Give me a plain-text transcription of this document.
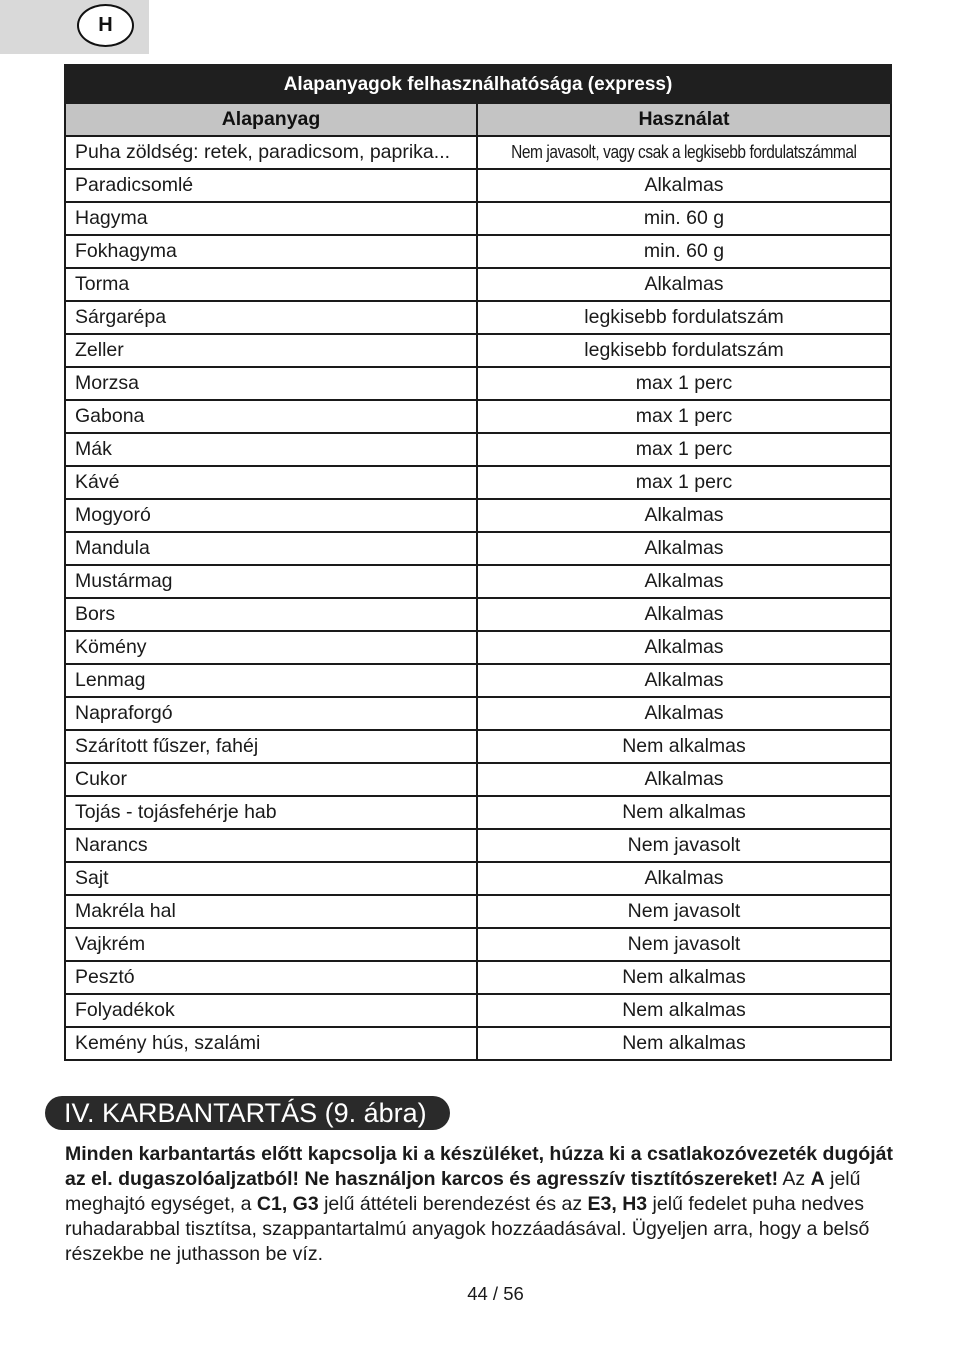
H
Alapanyagok felhasználhatósága (express)	
Alapanyag	Használat
Puha zöldség: retek, paradicsom, paprika...	Nem javasolt, vagy csak a legkisebb fordulatszámmal
Paradicsomlé	Alkalmas
Hagyma	min. 60 g
Fokhagyma	min. 60 g
Torma	Alkalmas
Sárgarépa	legkisebb fordulatszám
Zeller	legkisebb fordulatszám
Morzsa	max 1 perc
Gabona	max 1 perc
Mák	max 1 perc
Kávé	max 1 perc
Mogyoró	Alkalmas
Mandula	Alkalmas
Mustármag	Alkalmas
Bors	Alkalmas
Kömény	Alkalmas
Lenmag	Alkalmas
Napraforgó	Alkalmas
Szárított fűszer, fahéj	Nem alkalmas
Cukor	Alkalmas
Tojás - tojásfehérje hab	Nem alkalmas
Narancs	Nem javasolt
Sajt	Alkalmas
Makréla hal	Nem javasolt
Vajkrém	Nem javasolt
Pesztó	Nem alkalmas
Folyadékok	Nem alkalmas
Kemény hús, szalámi	Nem alkalmas
IV. KARBANTARTÁS (9. ábra)

Minden karbantartás előtt kapcsolja ki a készüléket, húzza ki a csatlakozóvezeték dugóját az el. dugaszolóaljzatból! Ne használjon karcos és agresszív tisztítószereket! Az A jelű meghajtó egységet, a C1, G3 jelű áttételi berendezést és az E3, H3 jelű fedelet puha nedves ruhadarabbal tisztítsa, szappantartalmú anyagok hozzáadásával. Ügyeljen arra, hogy a belső részekbe ne juthasson be víz.

44 / 56
